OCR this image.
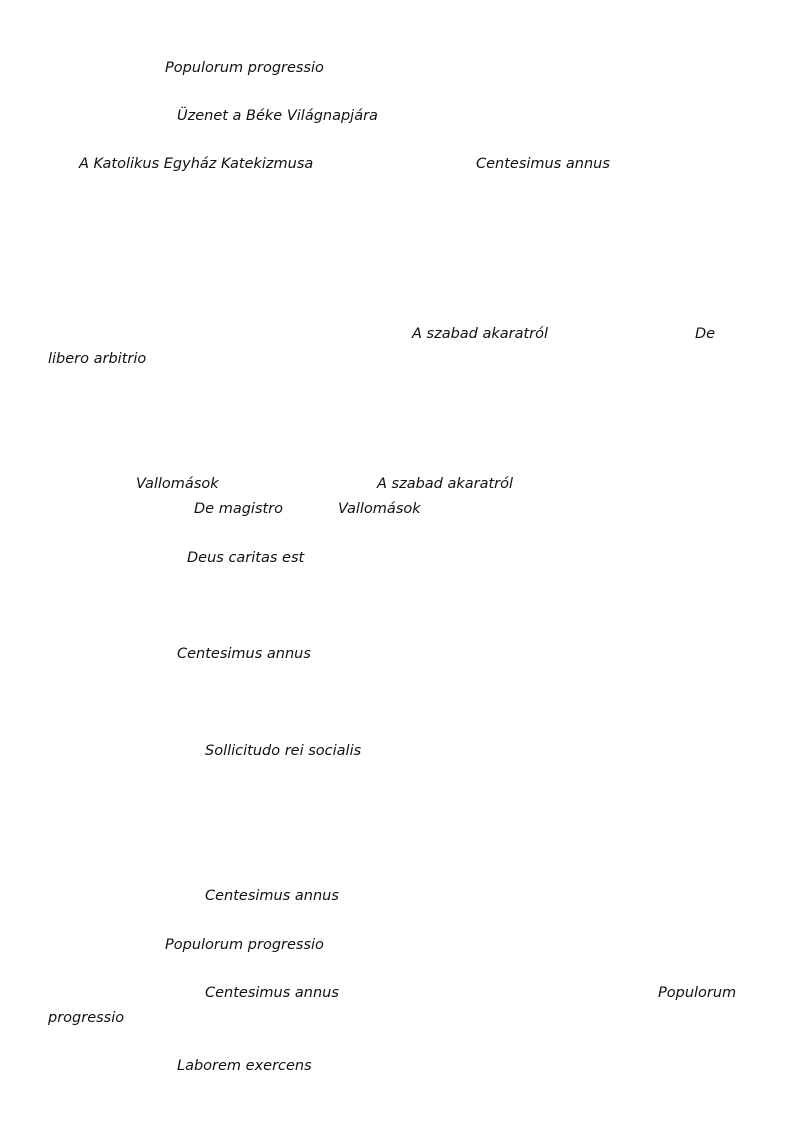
Populorum progressio
Üzenet a Béke Világnapjára
A Katolikus Egyház Katekizmusa	Centesimus annus
A szabad akaratról	De
libero arbitrio
Vallomások	A szabad akaratról
De magistro	Vallomások
Deus caritas est
Centesimus annus
Sollicitudo rei socialis
Centesimus annus
Populorum progressio
Centesimus annus	Populorum
progressio
Laborem exercens
